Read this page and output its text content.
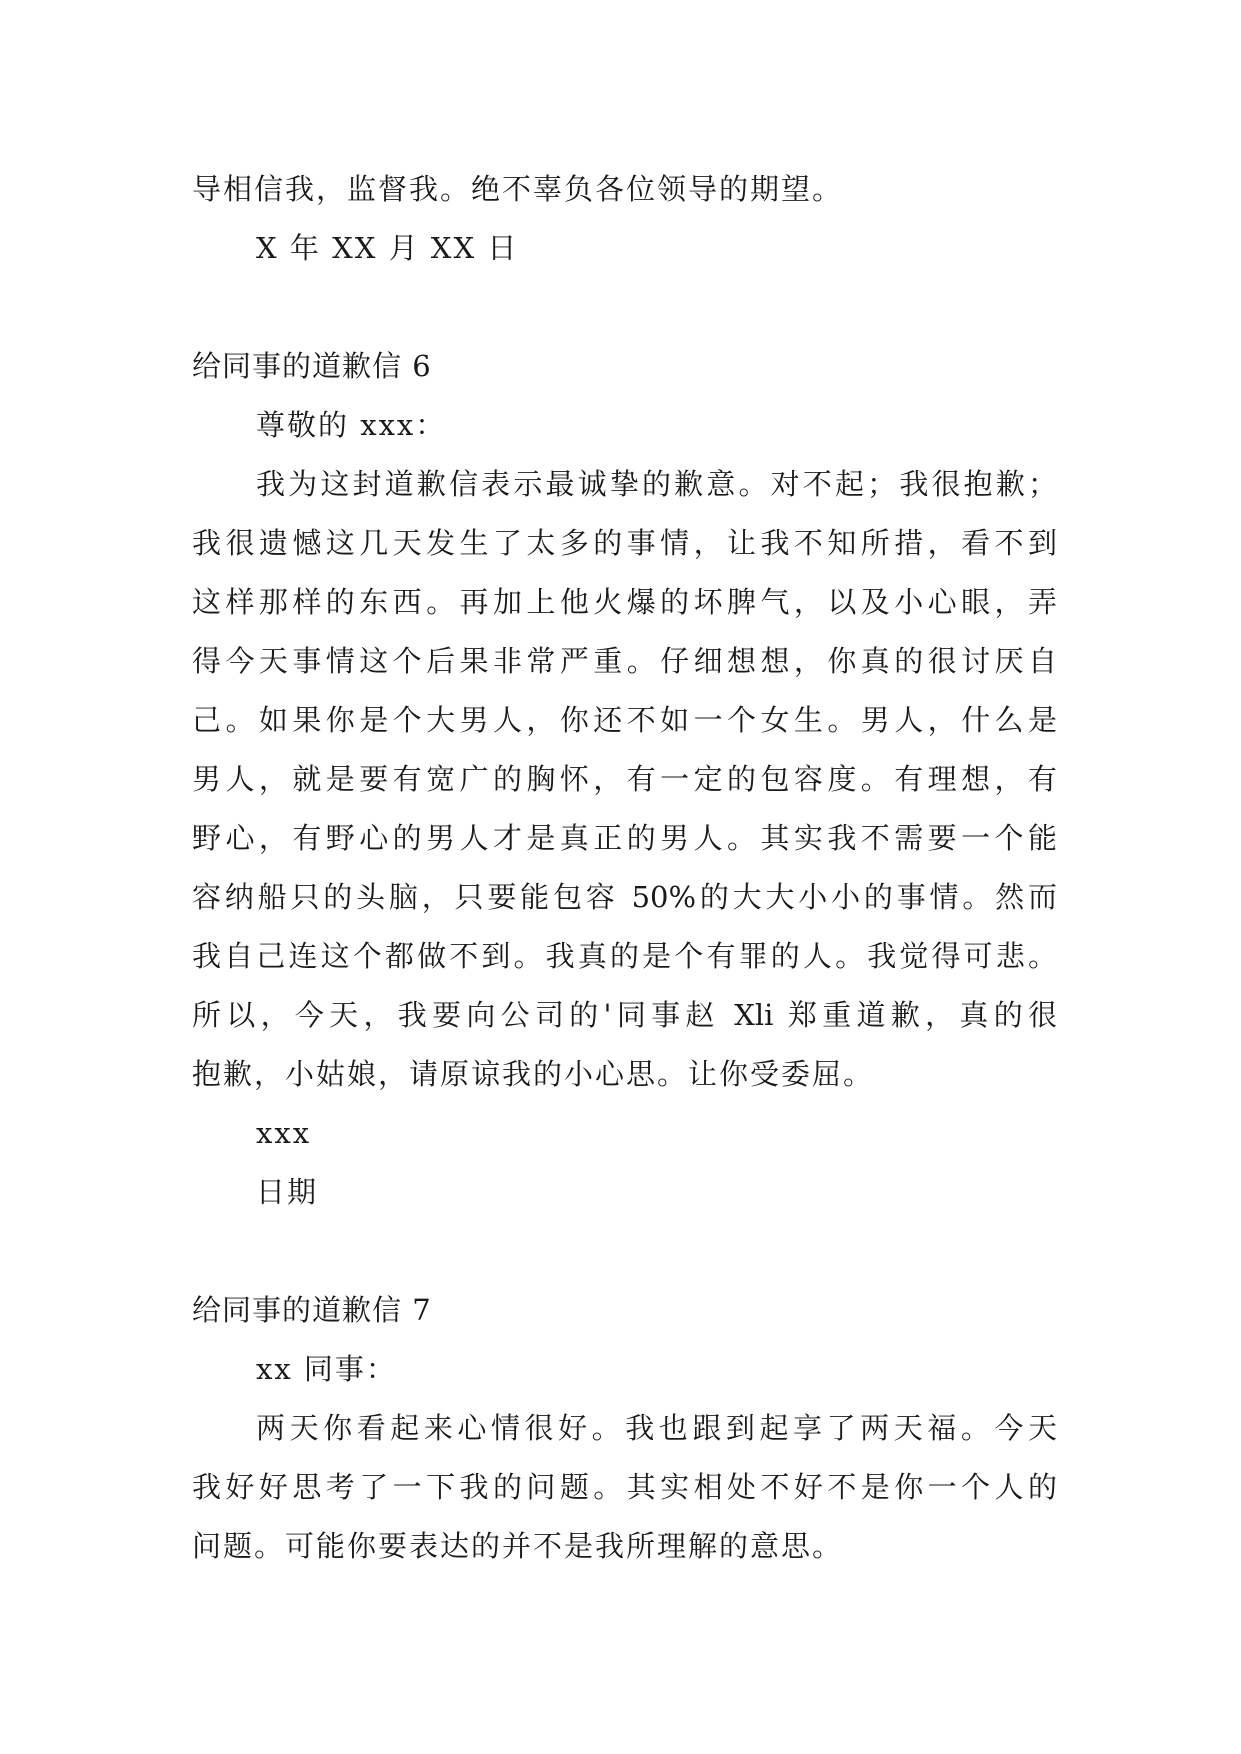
导相信我，监督我。绝不辜负各位领导的期望。
X 年 XX 月 XX 日
给同事的道歉信 6
尊敬的 xxx：
我为这封道歉信表示最诚挚的歉意。对不起；我很抱歉；
我很遗憾这几天发生了太多的事情，让我不知所措，看不到
这样那样的东西。再加上他火爆的坏脾气，以及小心眼，弄
得今天事情这个后果非常严重。仔细想想，你真的很讨厌自
己。如果你是个大男人，你还不如一个女生。男人，什么是
男人，就是要有宽广的胸怀，有一定的包容度。有理想，有
野心，有野心的男人才是真正的男人。其实我不需要一个能
容纳船只的头脑，只要能包容 50%的大大小小的事情。然而
我自己连这个都做不到。我真的是个有罪的人。我觉得可悲。
所以，今天，我要向公司的'同事赵 Xli 郑重道歉，真的很
抱歉，小姑娘，请原谅我的小心思。让你受委屈。
xxx
日期
给同事的道歉信 7
xx 同事：
两天你看起来心情很好。我也跟到起享了两天福。今天
我好好思考了一下我的问题。其实相处不好不是你一个人的
问题。可能你要表达的并不是我所理解的意思。
